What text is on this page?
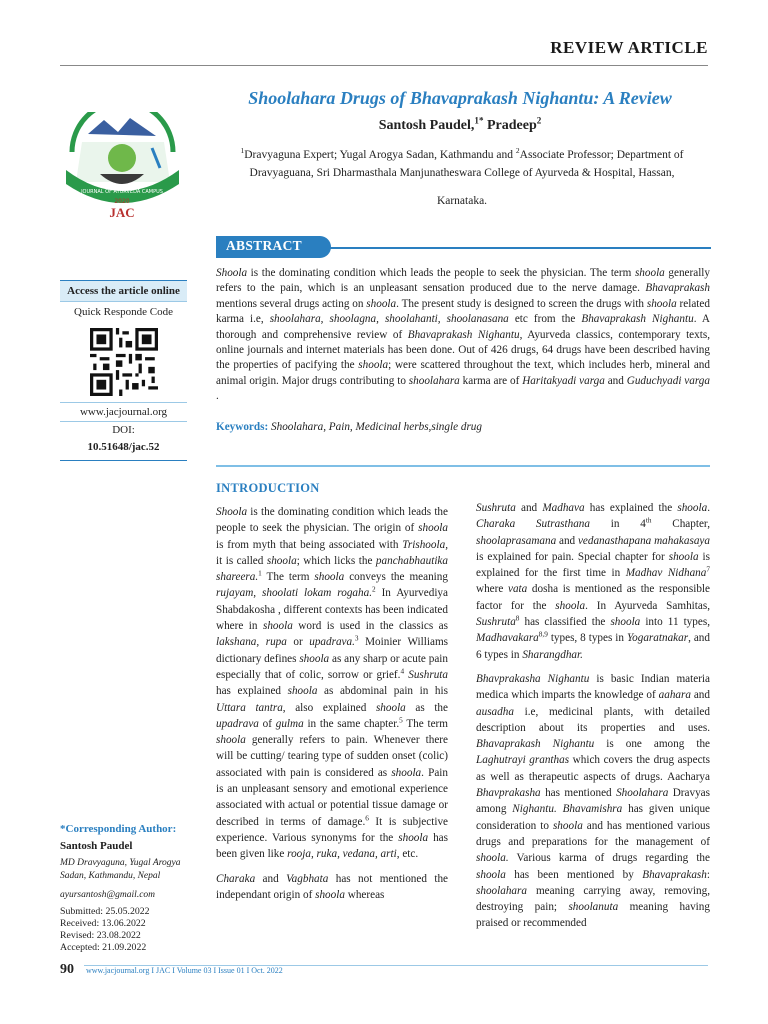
REVIEW ARTICLE
JOURNAL OF AYURVEDA CAMPUS
2020
JAC
Shoolahara Drugs of Bhavaprakash Nighantu: A Review
Santosh Paudel,$^{1*}$ Pradeep$^2$
$^1$Dravyaguna Expert; Yugal Arogya Sadan, Kathmandu and $^2$Associate Professor; Department of Dravyaguana, Sri Dharmasthala Manjunatheswara College of Ayurveda & Hospital, Hassan,
Karnataka.
Access the article online
Quick Responde Code
www.jacjournal.org
DOI:
10.51648/jac.52
ABSTRACT
Shoola is the dominating condition which leads the people to seek the physician. The term shoola generally refers to the pain, which is an unpleasant sensation produced due to the nerve damage. Bhavaprakash mentions several drugs acting on shoola. The present study is designed to screen the drugs with shoola related karma i.e, shoolahara, shoolagna, shoolahanti, shoolanasana etc from the Bhavaprakash Nighantu. A thorough and comprehensive review of Bhavaprakash Nighantu, Ayurveda classics, contemporary texts, online journals and internet materials has been done. Out of 426 drugs, 64 drugs have been described having the properties of pacifying the shoola; were scattered throughout the text, which includes herb, mineral and animal origin. Major drugs contributing to shoolahara karma are of Haritakyadi varga and Guduchyadi varga .
Keywords: Shoolahara, Pain, Medicinal herbs,single drug
INTRODUCTION

Shoola is the dominating condition which leads the people to seek the physician. The origin of shoola is from myth that being associated with Trishoola, it is called shoola; which licks the panchabhautika shareera.$^1$ The term shoola conveys the meaning rujayam, shoolati lokam rogaha.$^2$ In Ayurvediya Shabdakosha , different contexts has been indicated where in shoola word is used in the classics as lakshana, rupa or upadrava.$^3$ Moinier Williams dictionary defines shoola as any sharp or acute pain especially that of colic, sorrow or grief.$^4$ Sushruta has explained shoola as abdominal pain in his Uttara tantra, also explained shoola as the upadrava of gulma in the same chapter.$^5$ The term shoola generally refers to pain. Whenever there will be cutting/ tearing type of sudden onset (colic) associated with pain is considered as shoola. Pain is an unpleasant sensory and emotional experience associated with actual or potential tissue damage or described in terms of damage.$^6$ It is subjective experience. Various synonyms for the shoola has been given like rooja, ruka, vedana, arti, etc.

Charaka and Vagbhata has not mentioned the independant origin of shoola whereas

Sushruta and Madhava has explained the shoola. Charaka Sutrasthana in 4th Chapter, shoolaprasamana and vedanasthapana mahakasaya is explained for pain. Special chapter for shoola is explained for the first time in Madhav Nidhana$^7$ where vata dosha is mentioned as the responsible factor for the shoola. In Ayurveda Samhitas, Sushruta$^8$ has classified the shoola into 11 types, Madhavakara$^{8,9}$ types, 8 types in Yogaratnakar, and 6 types in Sharangdhar.

Bhavprakasha Nighantu is basic Indian materia medica which imparts the knowledge of aahara and ausadha i.e, medicinal plants, with detailed description about its properties and uses. Bhavaprakash Nighantu is one among the Laghutrayi granthas which covers the drug aspects as well as therapeutic aspects of drugs. Aacharya Bhavprakasha has mentioned Shoolahara Dravyas among Nighantu. Bhavamishra has given unique consideration to shoola and has mentioned various drugs and preparations for the management of shoola. Various karma of drugs regarding the shoola has been mentioned by Bhavaprakash: shoolahara meaning carrying away, removing, destroying pain; shoolanuta meaning having praised or recommended

*Corresponding Author:
Santosh Paudel
MD Dravyaguna, Yugal Arogya Sadan, Kathmandu, Nepal
ayursantosh@gmail.com
Submitted: 25.05.2022
Received: 13.06.2022
Revised: 23.08.2022
Accepted: 21.09.2022
90 www.jacjournal.org I JAC I Volume 03 I Issue 01 I Oct. 2022
